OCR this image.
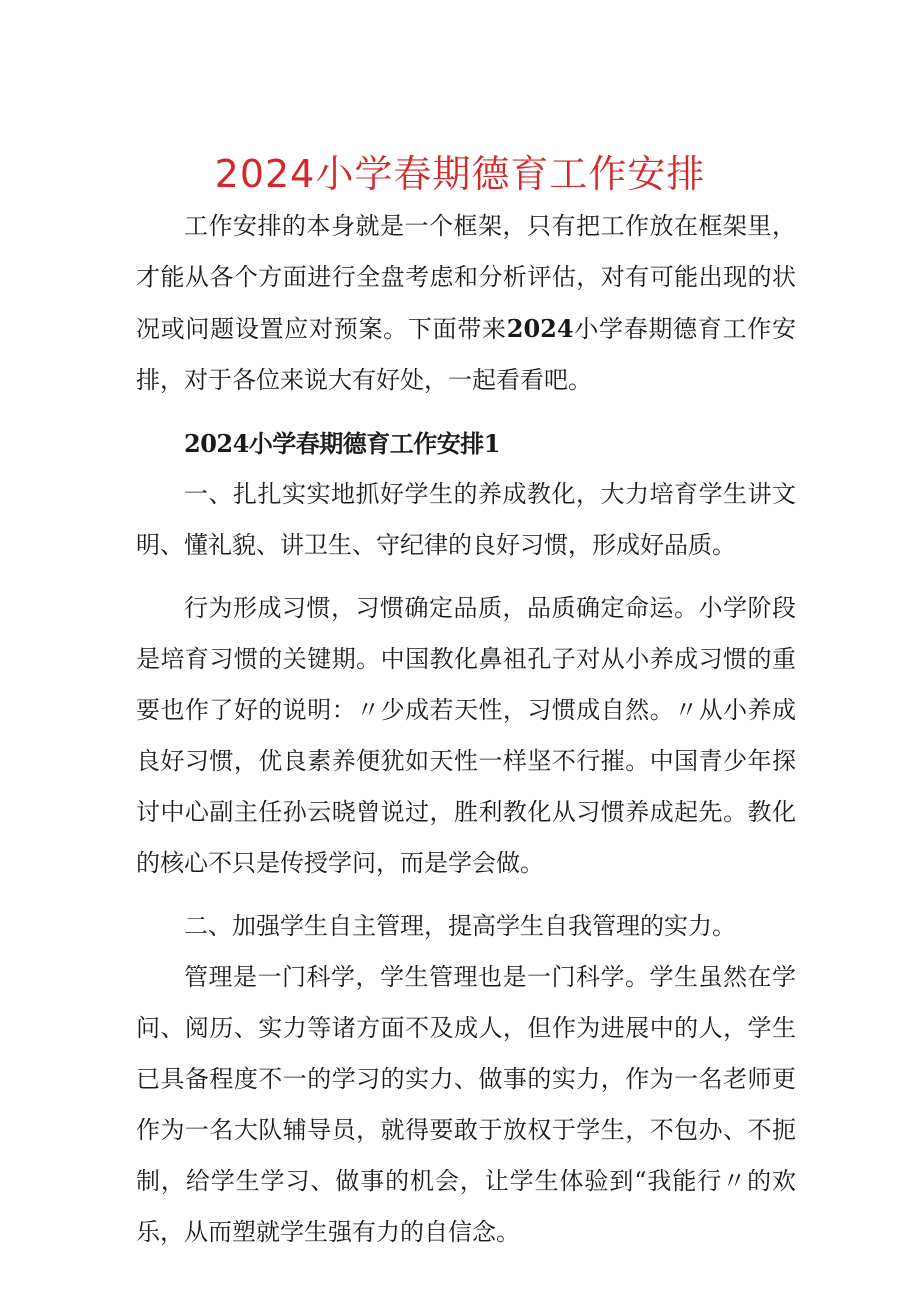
2024小学春期德育工作安排

工作安排的本身就是一个框架，只有把工作放在框架里，才能从各个方面进行全盘考虑和分析评估，对有可能出现的状况或问题设置应对预案。下面带来2024小学春期德育工作安排，对于各位来说大有好处，一起看看吧。

2024小学春期德育工作安排1

一、扎扎实实地抓好学生的养成教化，大力培育学生讲文明、懂礼貌、讲卫生、守纪律的良好习惯，形成好品质。

行为形成习惯，习惯确定品质，品质确定命运。小学阶段是培育习惯的关键期。中国教化鼻祖孔子对从小养成习惯的重要也作了好的说明：〃少成若天性，习惯成自然。〃从小养成良好习惯，优良素养便犹如天性一样坚不行摧。中国青少年探讨中心副主任孙云晓曾说过，胜利教化从习惯养成起先。教化的核心不只是传授学问，而是学会做。

二、加强学生自主管理，提高学生自我管理的实力。

管理是一门科学，学生管理也是一门科学。学生虽然在学问、阅历、实力等诸方面不及成人，但作为进展中的人，学生已具备程度不一的学习的实力、做事的实力，作为一名老师更作为一名大队辅导员，就得要敢于放权于学生，不包办、不扼制，给学生学习、做事的机会，让学生体验到“我能行〃的欢乐，从而塑就学生强有力的自信念。
